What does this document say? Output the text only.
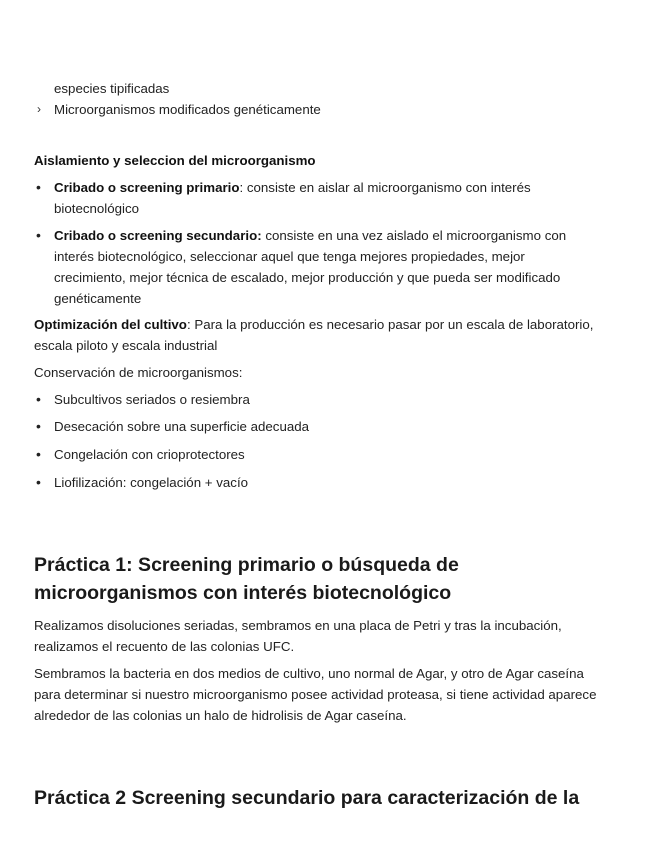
especies tipificadas

› Microorganismos modificados genéticamente

Aislamiento y seleccion del microorganismo

• Cribado o screening primario: consiste en aislar al microorganismo con interés biotecnológico

• Cribado o screening secundario: consiste en una vez aislado el microorganismo con interés biotecnológico, seleccionar aquel que tenga mejores propiedades, mejor crecimiento, mejor técnica de escalado, mejor producción y que pueda ser modificado genéticamente

Optimización del cultivo: Para la producción es necesario pasar por un escala de laboratorio, escala piloto y escala industrial

Conservación de microorganismos:

• Subcultivos seriados o resiembra

• Desecación sobre una superficie adecuada

• Congelación con crioprotectores

• Liofilización: congelación + vacío

Práctica 1: Screening primario o búsqueda de microorganismos con interés biotecnológico

Realizamos disoluciones seriadas, sembramos en una placa de Petri y tras la incubación, realizamos el recuento de las colonias UFC.

Sembramos la bacteria en dos medios de cultivo, uno normal de Agar, y otro de Agar caseína para determinar si nuestro microorganismo posee actividad proteasa, si tiene actividad aparece alrededor de las colonias un halo de hidrolisis de Agar caseína.

Práctica 2 Screening secundario para caracterización de la
